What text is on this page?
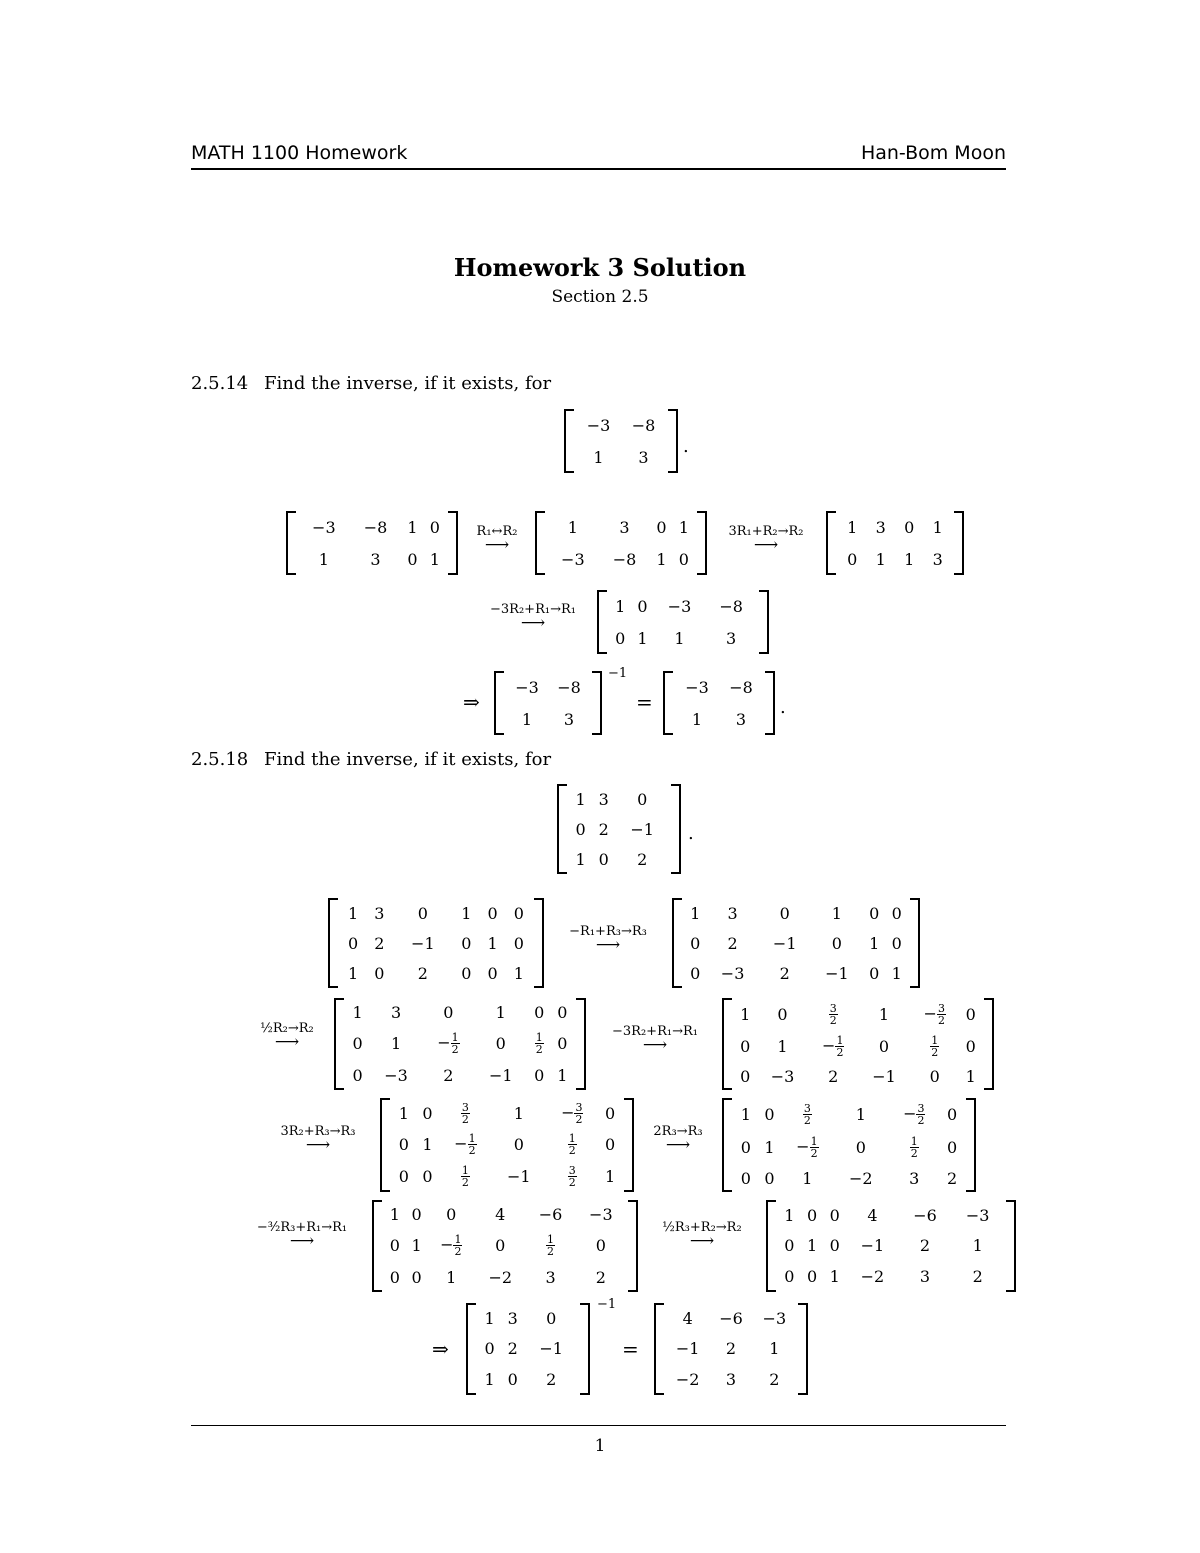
MATH 1100 Homework	Han-Bom Moon
Homework 3 Solution
Section 2.5
2.5.14 Find the inverse, if it exists, for
−3	−8
1	3 .
−3	−8	1	0
1	3	0	1
R₁↔R₂
⟶
1	3	0	1
−3	−8	1	0
3R₁+R₂→R₂
⟶
1	3	0	1
0	1	1	3
−3R₂+R₁→R₁
⟶
1	0	−3	−8
0	1	1	3
⇒
−3	−8
1	3
−1
=
−3	−8
1	3
.
2.5.18 Find the inverse, if it exists, for
1	3	0
0	2	−1
1	0	2
.
1	3	0	1	0	0
0	2	−1	0	1	0
1	0	2	0	0	1
−R₁+R₃→R₃
⟶
1	3	0	1	0	0
0	2	−1	0	1	0
0	−3	2	−1	0	1
½R₂→R₂
⟶
1	3	0	1	0	0
0	1	− $\frac{1}{2}$	0	$\frac{1}{2}$	0
0	−3	2	−1	0	1
−3R₂+R₁→R₁
⟶
1	0	$\frac{3}{2}$	1	− $\frac{3}{2}$	0
0	1	− $\frac{1}{2}$	0	$\frac{1}{2}$	0
0	−3	2	−1	0	1
3R₂+R₃→R₃
⟶
1	0	$\frac{3}{2}$	1	− $\frac{3}{2}$	0
0	1	− $\frac{1}{2}$	0	$\frac{1}{2}$	0
0	0	$\frac{1}{2}$	−1	$\frac{3}{2}$	1
2R₃→R₃
⟶
1	0	$\frac{3}{2}$	1	− $\frac{3}{2}$	0
0	1	− $\frac{1}{2}$	0	$\frac{1}{2}$	0
0	0	1	−2	3	2
−³⁄₂R₃+R₁→R₁
⟶
1	0	0	4	−6	−3
0	1	− $\frac{1}{2}$	0	$\frac{1}{2}$	0
0	0	1	−2	3	2
½R₃+R₂→R₂
⟶
1	0	0	4	−6	−3
0	1	0	−1	2	1
0	0	1	−2	3	2
⇒
1	3	0
0	2	−1
1	0	2
−1
=
4	−6	−3
−1	2	1
−2	3	2
1
